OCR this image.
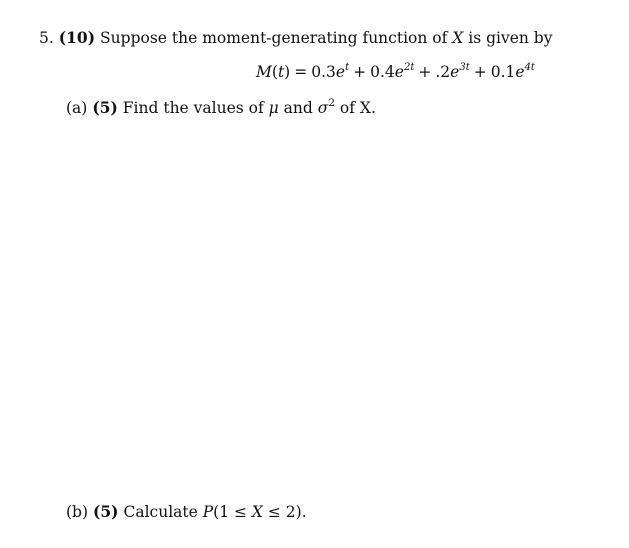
5. (10) Suppose the moment-generating function of X is given by
$M(t) = 0.3e^t + 0.4e^{2t} + .2e^{3t} + 0.1e^{4t}$
(a) (5) Find the values of μ and $\sigma^2$ of X.
(b) (5) Calculate P(1 ≤ X ≤ 2).
